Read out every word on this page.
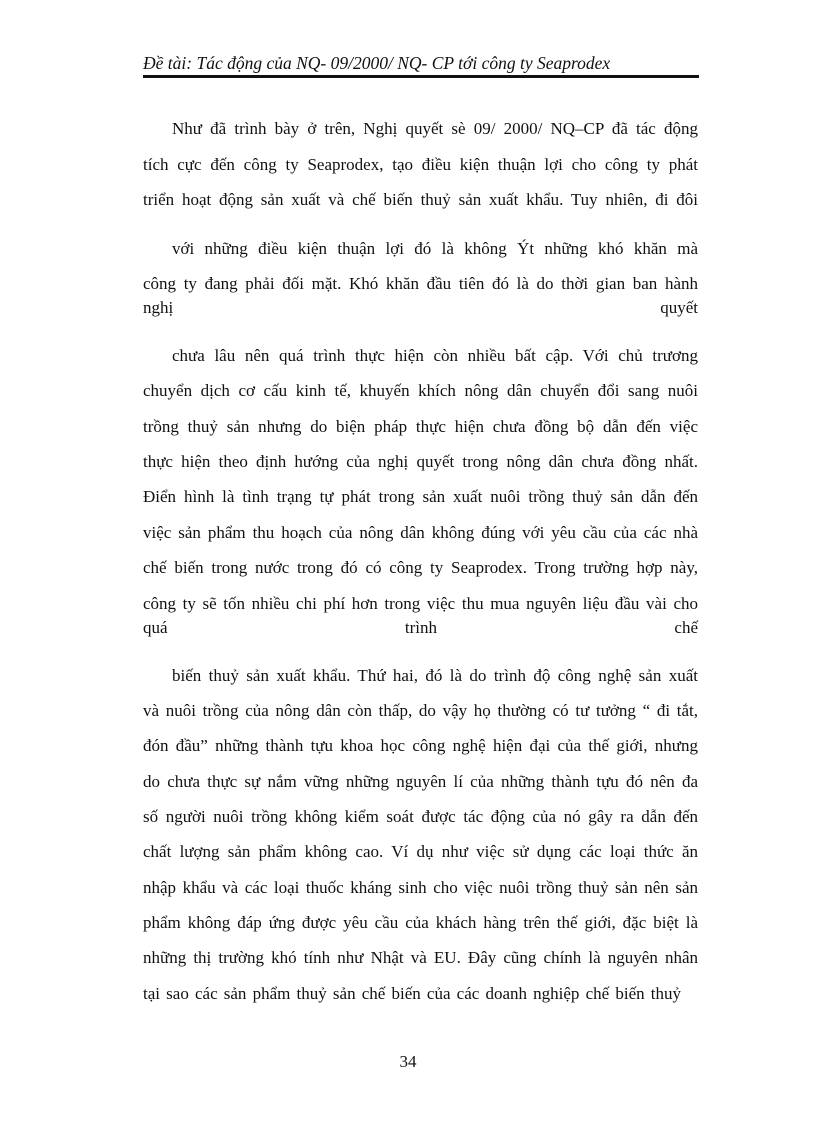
Đề tài: Tác động của NQ- 09/2000/ NQ- CP tới công ty Seaprodex
Như đã trình bày ở trên, Nghị quyết sè 09/ 2000/ NQ–CP đã tác động
tích cực đến công ty Seaprodex, tạo điều kiện thuận lợi cho công ty phát
triển hoạt động sản xuất và chế biến thuỷ sản xuất khẩu. Tuy nhiên, đi đôi
với những điều kiện thuận lợi đó là không Ýt những khó khăn mà
công ty đang phải đối mặt. Khó khăn đầu tiên đó là do thời gian ban hành
nghị quyết
chưa lâu nên quá trình thực hiện còn nhiều bất cập. Với chủ trương
chuyển dịch cơ cấu kinh tế, khuyến khích nông dân chuyển đổi sang nuôi
trồng thuỷ sản nhưng do biện pháp thực hiện chưa đồng bộ dẫn đến việc
thực hiện theo định hướng của nghị quyết trong nông dân chưa đồng nhất.
Điển hình là tình trạng tự phát trong sản xuất nuôi trồng thuỷ sản dẫn đến
việc sản phẩm thu hoạch của nông dân không đúng với yêu cầu của các nhà
chế biến trong nước trong đó có công ty Seaprodex. Trong trường hợp này,
công ty sẽ tốn nhiều chi phí hơn trong việc thu mua nguyên liệu đầu vài cho
quá trình chế
biến thuỷ sản xuất khẩu. Thứ hai, đó là do trình độ công nghệ sản xuất
và nuôi trồng của nông dân còn thấp, do vậy họ thường có tư tưởng “ đi tắt,
đón đầu” những thành tựu khoa học công nghệ hiện đại của thế giới, nhưng
do chưa thực sự nắm vững những nguyên lí của những thành tựu đó nên đa
số người nuôi trồng không kiểm soát được tác động của nó gây ra dẫn đến
chất lượng sản phẩm không cao. Ví dụ như việc sử dụng các loại thức ăn
nhập khẩu và các loại thuốc kháng sinh cho việc nuôi trồng thuỷ sản nên sản
phẩm không đáp ứng được yêu cầu của khách hàng trên thế giới, đặc biệt là
những thị trường khó tính như Nhật và EU. Đây cũng chính là nguyên nhân
tại sao các sản phẩm thuỷ sản chế biến của các doanh nghiệp chế biến thuỷ
34
